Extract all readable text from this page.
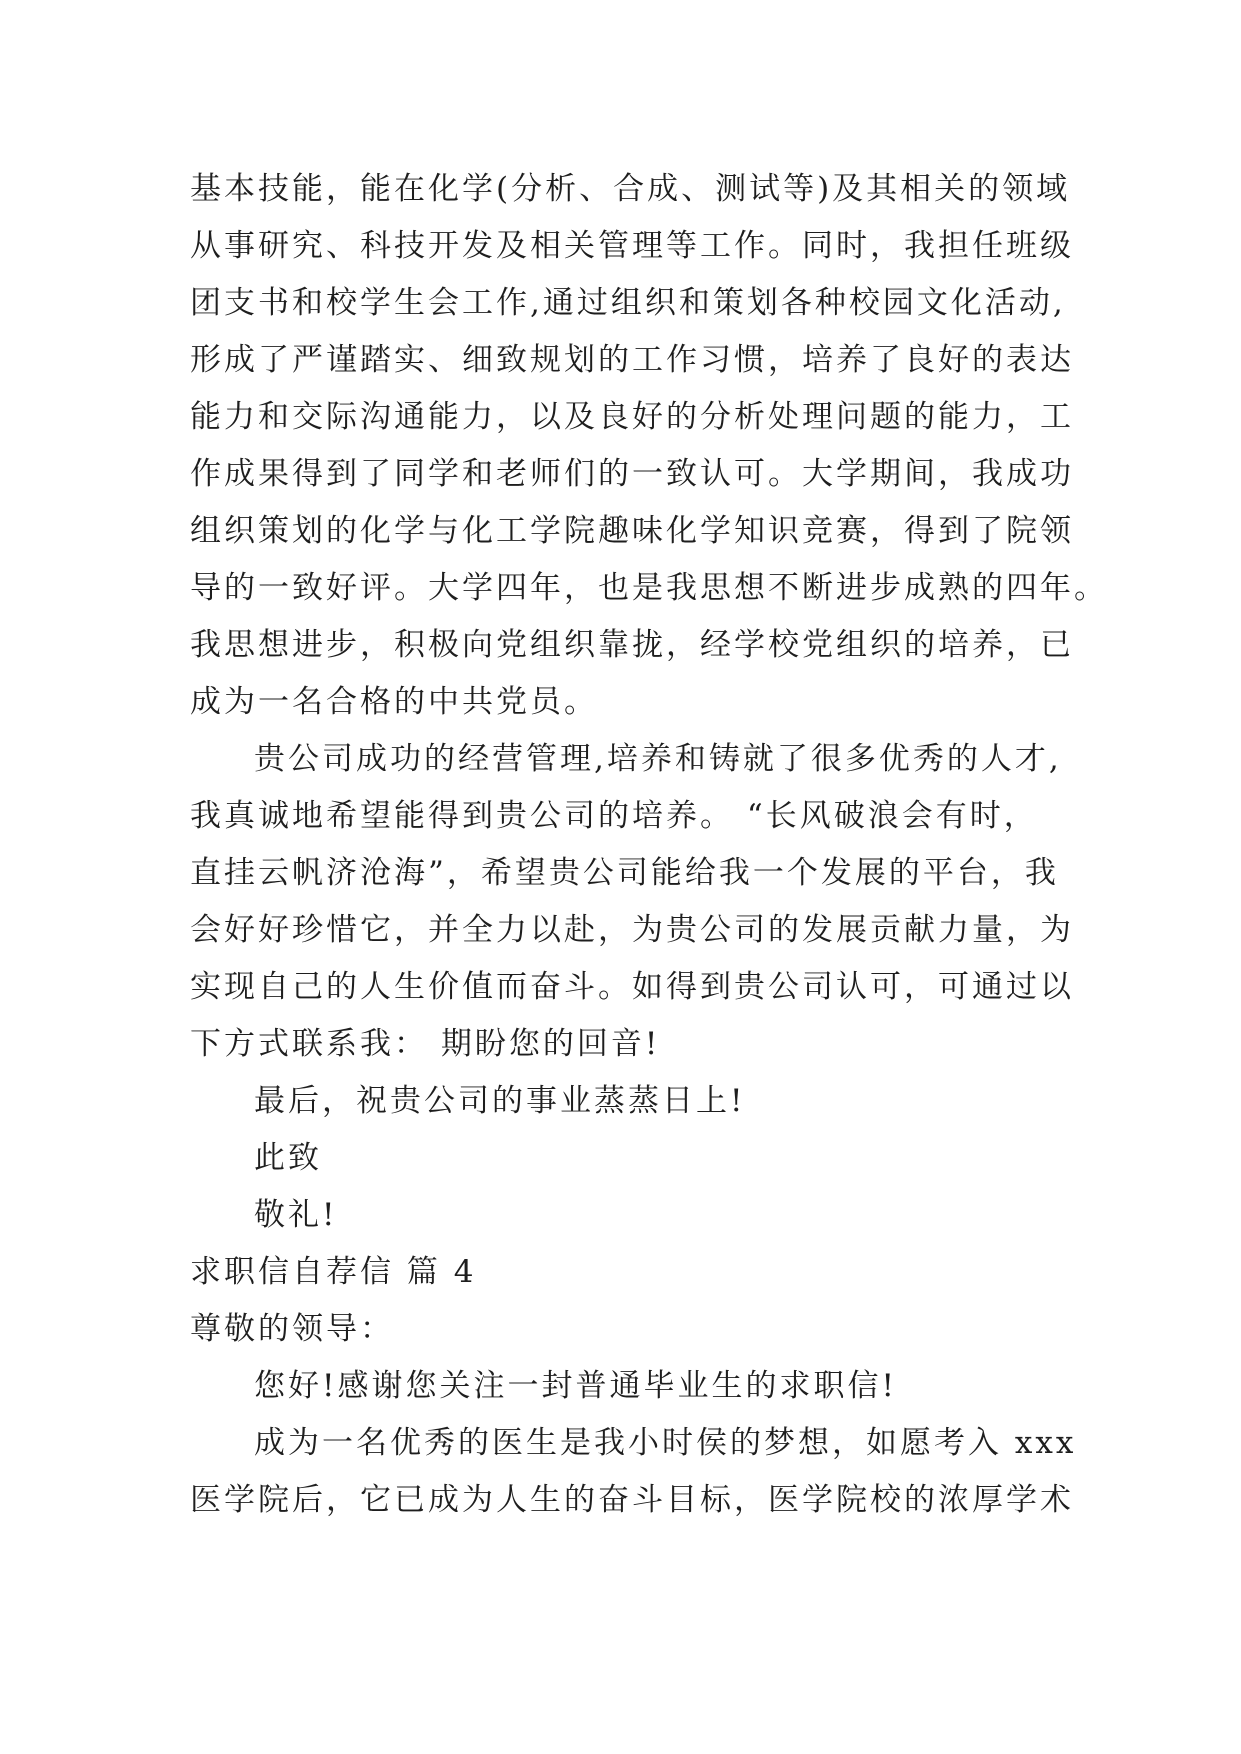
基本技能，能在化学(分析、合成、测试等)及其相关的领域

从事研究、科技开发及相关管理等工作。同时，我担任班级

团支书和校学生会工作,通过组织和策划各种校园文化活动,

形成了严谨踏实、细致规划的工作习惯，培养了良好的表达

能力和交际沟通能力，以及良好的分析处理问题的能力，工

作成果得到了同学和老师们的一致认可。大学期间，我成功

组织策划的化学与化工学院趣味化学知识竞赛，得到了院领

导的一致好评。大学四年，也是我思想不断进步成熟的四年。

我思想进步，积极向党组织靠拢，经学校党组织的培养，已

成为一名合格的中共党员。

贵公司成功的经营管理,培养和铸就了很多优秀的人才,

我真诚地希望能得到贵公司的培养。 “长风破浪会有时，

直挂云帆济沧海”，希望贵公司能给我一个发展的平台，我

会好好珍惜它，并全力以赴，为贵公司的发展贡献力量，为

实现自己的人生价值而奋斗。如得到贵公司认可，可通过以

下方式联系我： 期盼您的回音!

最后，祝贵公司的事业蒸蒸日上!

此致

敬礼!

求职信自荐信 篇 4

尊敬的领导：

您好!感谢您关注一封普通毕业生的求职信!

成为一名优秀的医生是我小时侯的梦想，如愿考入 xxx

医学院后，它已成为人生的奋斗目标，医学院校的浓厚学术
